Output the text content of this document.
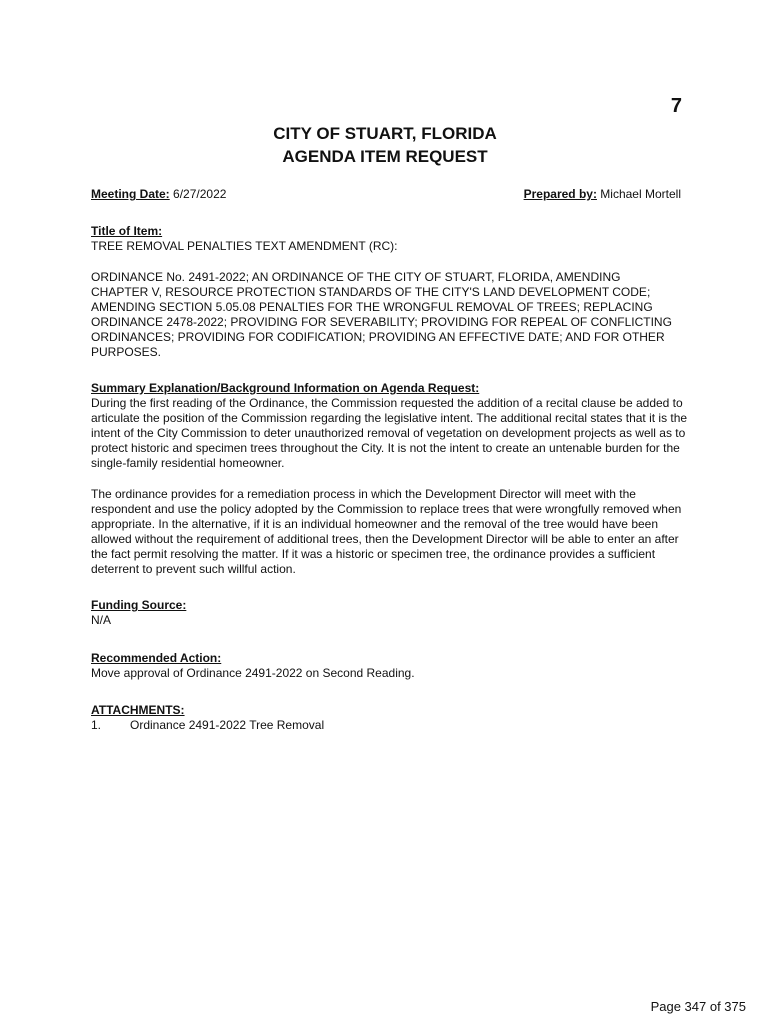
7
CITY OF STUART, FLORIDA
AGENDA ITEM REQUEST
Meeting Date: 6/27/2022	Prepared by: Michael Mortell

Title of Item:

TREE REMOVAL PENALTIES TEXT AMENDMENT (RC):

ORDINANCE No. 2491-2022; AN ORDINANCE OF THE CITY OF STUART, FLORIDA, AMENDING CHAPTER V, RESOURCE PROTECTION STANDARDS OF THE CITY'S LAND DEVELOPMENT CODE; AMENDING SECTION 5.05.08 PENALTIES FOR THE WRONGFUL REMOVAL OF TREES; REPLACING ORDINANCE 2478-2022; PROVIDING FOR SEVERABILITY; PROVIDING FOR REPEAL OF CONFLICTING ORDINANCES; PROVIDING FOR CODIFICATION; PROVIDING AN EFFECTIVE DATE; AND FOR OTHER PURPOSES.

Summary Explanation/Background Information on Agenda Request:

During the first reading of the Ordinance, the Commission requested the addition of a recital clause be added to articulate the position of the Commission regarding the legislative intent. The additional recital states that it is the intent of the City Commission to deter unauthorized removal of vegetation on development projects as well as to protect historic and specimen trees throughout the City. It is not the intent to create an untenable burden for the single-family residential homeowner.

The ordinance provides for a remediation process in which the Development Director will meet with the respondent and use the policy adopted by the Commission to replace trees that were wrongfully removed when appropriate. In the alternative, if it is an individual homeowner and the removal of the tree would have been allowed without the requirement of additional trees, then the Development Director will be able to enter an after the fact permit resolving the matter. If it was a historic or specimen tree, the ordinance provides a sufficient deterrent to prevent such willful action.

Funding Source:

N/A

Recommended Action:

Move approval of Ordinance 2491-2022 on Second Reading.

ATTACHMENTS:

1.	Ordinance 2491-2022 Tree Removal
Page 347 of 375
